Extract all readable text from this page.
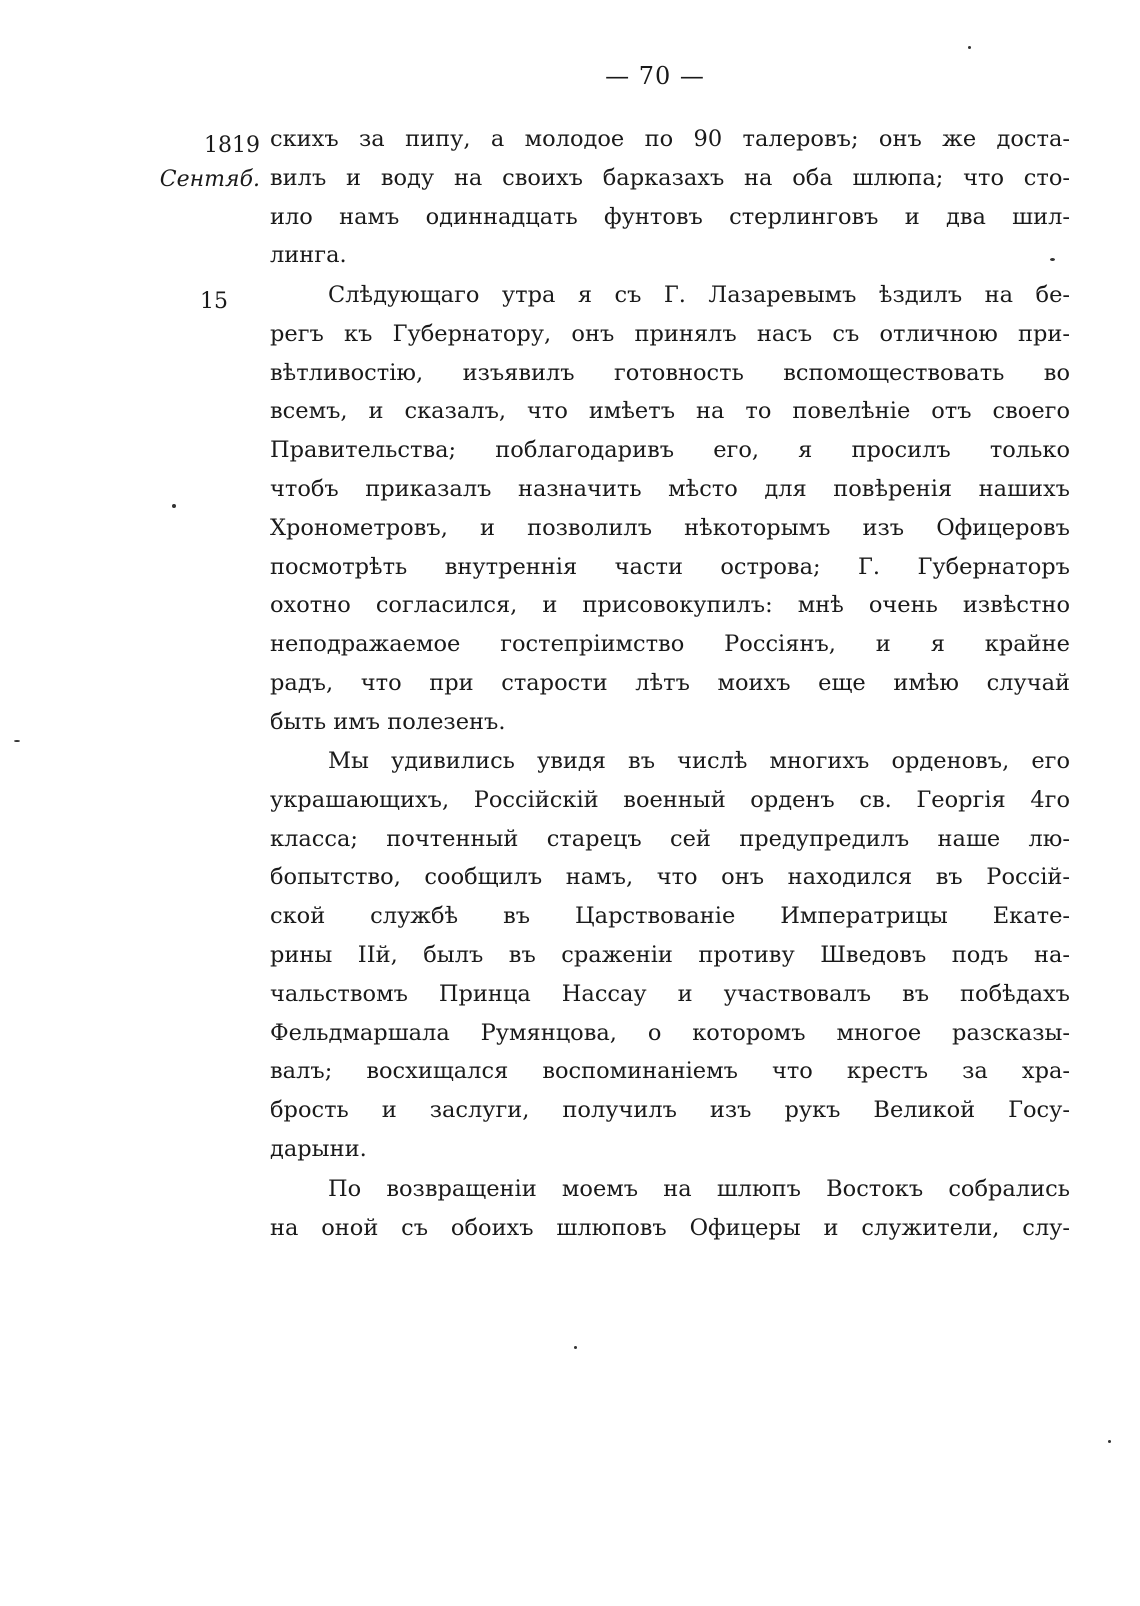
— 70 —
1819
Сентяб.
15
скихъ за пипу, а молодое по 90 талеровъ; онъ же доста-
вилъ и воду на своихъ барказахъ на оба шлюпа; что сто-
ило намъ одиннадцать фунтовъ стерлинговъ и два шил-
линга.
Слѣдующаго утра я съ Г. Лазаревымъ ѣздилъ на бе-
регъ къ Губернатору, онъ принялъ насъ съ отличною при-
вѣтливостію, изъявилъ готовность вспомоществовать во
всемъ, и сказалъ, что имѣетъ на то повелѣніе отъ своего
Правительства; поблагодаривъ его, я просилъ только
чтобъ приказалъ назначить мѣсто для повѣренія нашихъ
Хронометровъ, и позволилъ нѣкоторымъ изъ Офицеровъ
посмотрѣть внутреннія части острова; Г. Губернаторъ
охотно согласился, и присовокупилъ: мнѣ очень извѣстно
неподражаемое гостепріимство Россіянъ, и я крайне
радъ, что при старости лѣтъ моихъ еще имѣю случай
быть имъ полезенъ.
Мы удивились увидя въ числѣ многихъ орденовъ, его
украшающихъ, Россійскій военный орденъ св. Георгія 4го
класса; почтенный старецъ сей предупредилъ наше лю-
бопытство, сообщилъ намъ, что онъ находился въ Россій-
ской службѣ въ Царствованіе Императрицы Екате-
рины IIй, былъ въ сраженіи противу Шведовъ подъ на-
чальствомъ Принца Нассау и участвовалъ въ побѣдахъ
Фельдмаршала Румянцова, о которомъ многое разсказы-
валъ; восхищался воспоминаніемъ что крестъ за хра-
брость и заслуги, получилъ изъ рукъ Великой Госу-
дарыни.
По возвращеніи моемъ на шлюпъ Востокъ собрались
на оной съ обоихъ шлюповъ Офицеры и служители, слу-
